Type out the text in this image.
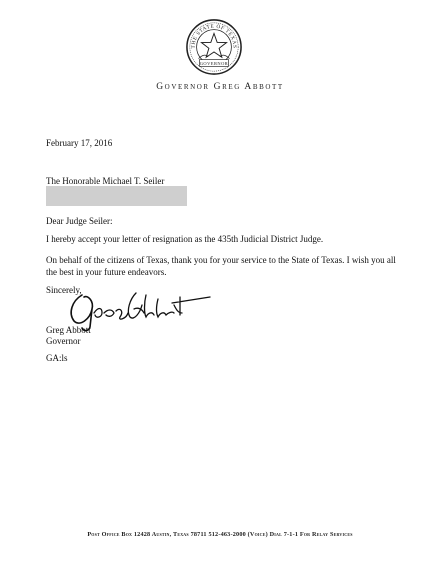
THE STATE OF TEXAS
GOVERNOR
Governor Greg Abbott
February 17, 2016
The Honorable Michael T. Seiler
Dear Judge Seiler:
I hereby accept your letter of resignation as the 435th Judicial District Judge.
On behalf of the citizens of Texas, thank you for your service to the State of Texas. I wish you all the best in your future endeavors.
Sincerely,
Greg Abbott
Governor
GA:ls
Post Office Box 12428 Austin, Texas 78711 512-463-2000 (Voice) Dial 7-1-1 For Relay Services
